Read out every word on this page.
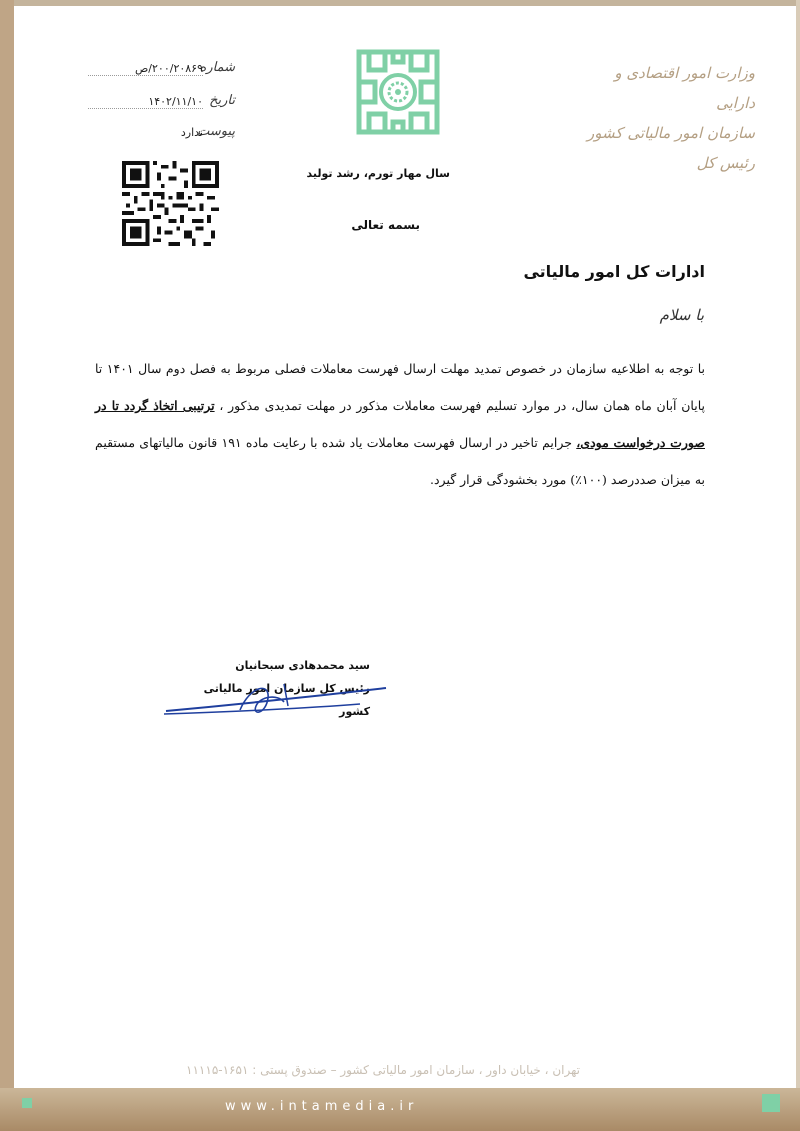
وزارت امور اقتصادی و دارایی
سازمان امور مالیاتی کشور
رئیس کل
شماره
۲۰۰/۲۰۸۶۹/ص
تاریخ
۱۴۰۲/۱۱/۱۰
پیوست
ندارد
سال مهار تورم، رشد تولید
بسمه تعالی
ادارات کل امور مالیاتی
با سلام
با توجه به اطلاعیه سازمان در خصوص تمدید مهلت ارسال فهرست معاملات فصلی مربوط به فصل دوم سال ۱۴۰۱ تا پایان آبان ماه همان سال، در موارد تسلیم فهرست معاملات مذکور در مهلت تمدیدی مذکور ، ترتیبی اتخاذ گردد تا در صورت درخواست مودی، جرایم تاخیر در ارسال فهرست معاملات یاد شده با رعایت ماده ۱۹۱ قانون مالیاتهای مستقیم به میزان صددرصد (۱۰۰٪) مورد بخشودگی قرار گیرد.
سید محمدهادی سبحانیان
رئیس کل سازمان امور مالیاتی کشور
تهران ، خیابان داور ، سازمان امور مالیاتی کشور – صندوق پستی : ۱۶۵۱-۱۱۱۱۵
www.intamedia.ir
